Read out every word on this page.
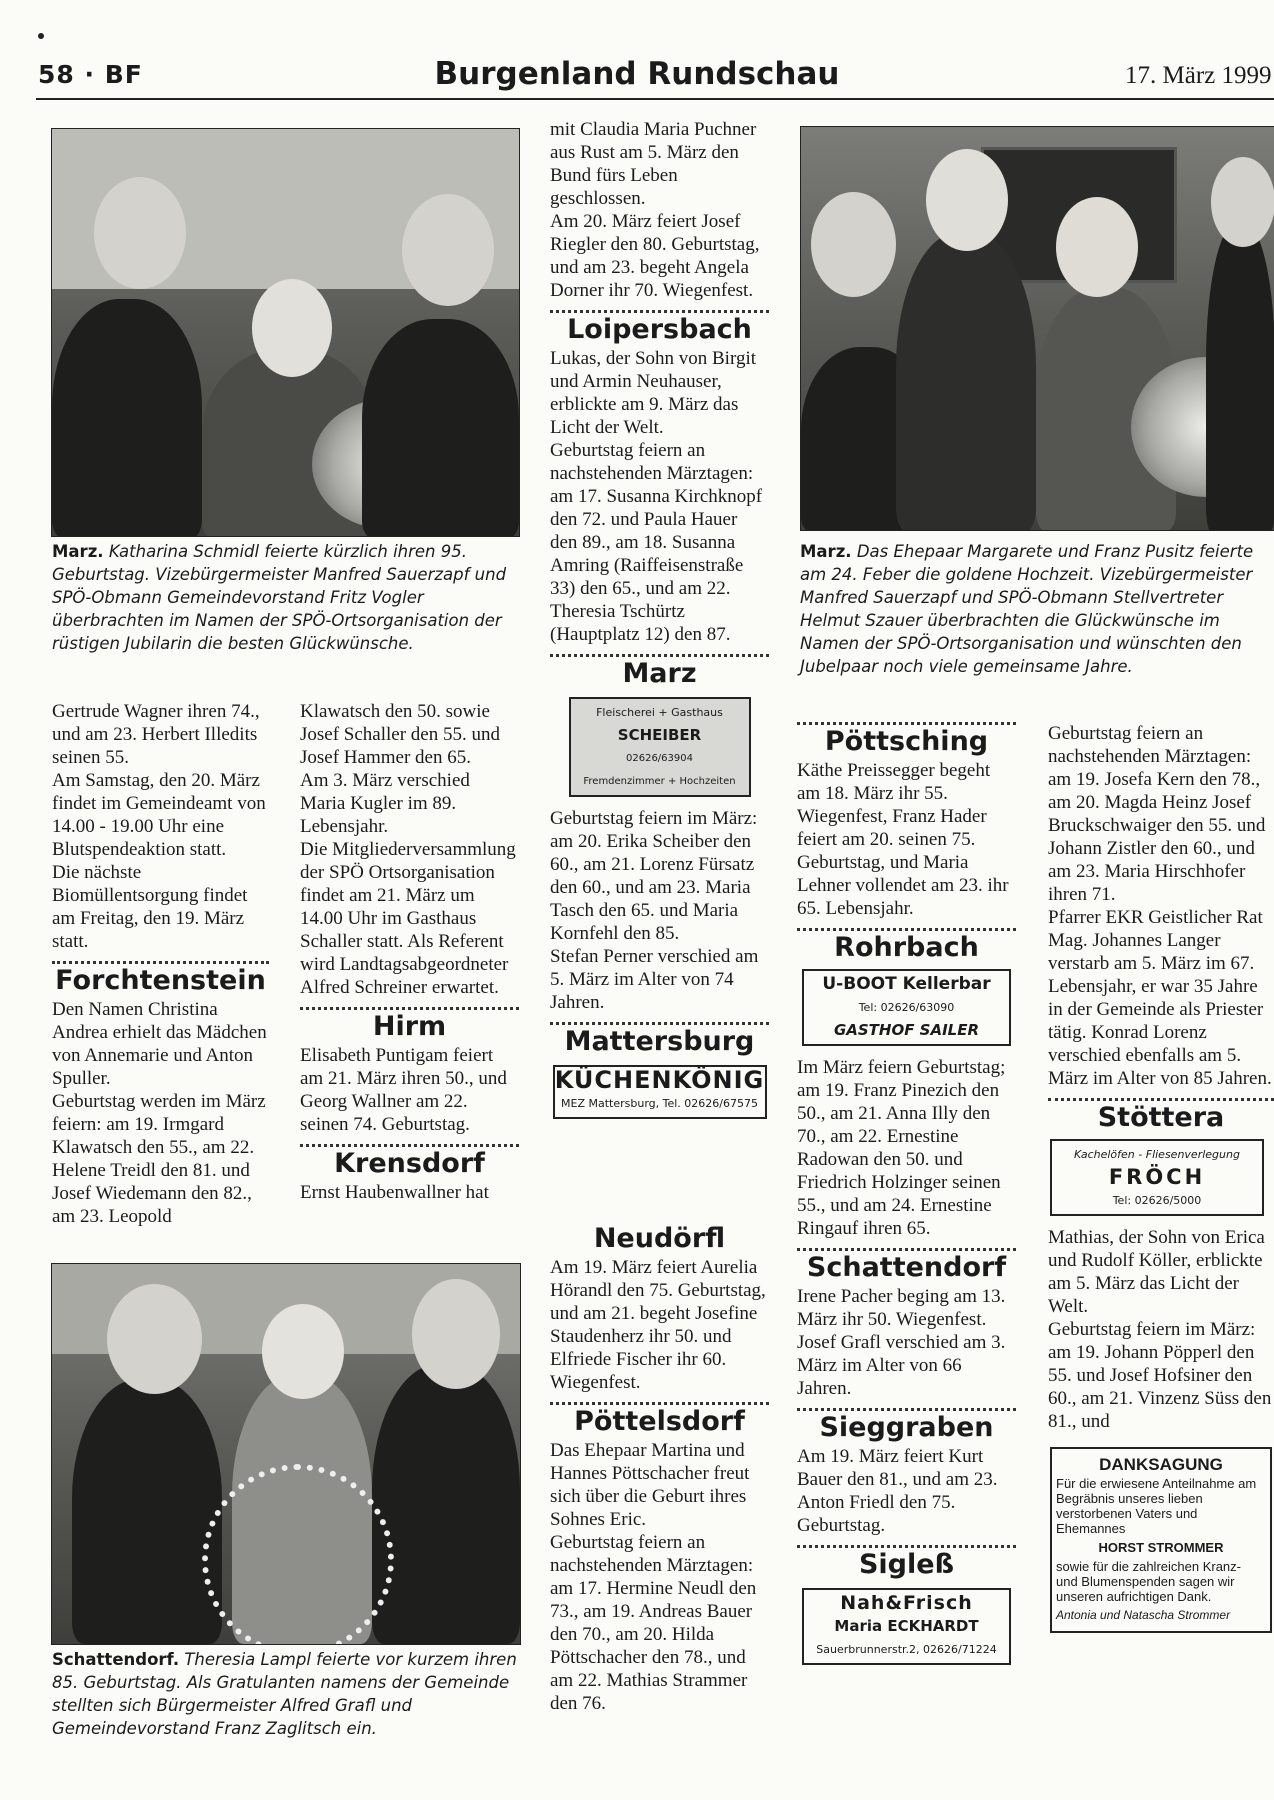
58 · BF	Burgenland Rundschau	17. März 1999
Marz. Katharina Schmidl feierte kürzlich ihren 95. Geburtstag. Vizebürgermeister Manfred Sauerzapf und SPÖ-Obmann Gemeindevorstand Fritz Vogler überbrachten im Namen der SPÖ-Ortsorganisation der rüstigen Jubilarin die besten Glückwünsche.
Marz. Das Ehepaar Margarete und Franz Pusitz feierte am 24. Feber die goldene Hochzeit. Vizebürgermeister Manfred Sauerzapf und SPÖ-Obmann Stellvertreter Helmut Szauer überbrachten die Glückwünsche im Namen der SPÖ-Ortsorganisation und wünschten den Jubelpaar noch viele gemeinsame Jahre.
Schattendorf. Theresia Lampl feierte vor kurzem ihren 85. Geburtstag. Als Gratulanten namens der Gemeinde stellten sich Bürgermeister Alfred Grafl und Gemeindevorstand Franz Zaglitsch ein.

Gertrude Wagner ihren 74., und am 23. Herbert Illedits seinen 55.

Am Samstag, den 20. März findet im Gemeindeamt von 14.00 - 19.00 Uhr eine Blutspendeaktion statt.

Die nächste Biomüllentsorgung findet am Freitag, den 19. März statt.

Forchtenstein

Den Namen Christina Andrea erhielt das Mädchen von Annemarie und Anton Spuller.

Geburtstag werden im März feiern: am 19. Irmgard Klawatsch den 55., am 22. Helene Treidl den 81. und Josef Wiedemann den 82., am 23. Leopold

Klawatsch den 50. sowie Josef Schaller den 55. und Josef Hammer den 65.

Am 3. März verschied Maria Kugler im 89. Lebensjahr.

Die Mitgliederversammlung der SPÖ Ortsorganisation findet am 21. März um 14.00 Uhr im Gasthaus Schaller statt. Als Referent wird Landtagsabgeordneter Alfred Schreiner erwartet.

Hirm

Elisabeth Puntigam feiert am 21. März ihren 50., und Georg Wallner am 22. seinen 74. Geburtstag.

Krensdorf

Ernst Haubenwallner hat

mit Claudia Maria Puchner aus Rust am 5. März den Bund fürs Leben geschlossen.

Am 20. März feiert Josef Riegler den 80. Geburtstag, und am 23. begeht Angela Dorner ihr 70. Wiegenfest.

Loipersbach

Lukas, der Sohn von Birgit und Armin Neuhauser, erblickte am 9. März das Licht der Welt.

Geburtstag feiern an nachstehenden Märztagen: am 17. Susanna Kirchknopf den 72. und Paula Hauer den 89., am 18. Susanna Amring (Raiffeisenstraße 33) den 65., und am 22. Theresia Tschürtz (Hauptplatz 12) den 87.

Marz
Fleischerei + Gasthaus
SCHEIBER
02626/63904
Fremdenzimmer + Hochzeiten

Geburtstag feiern im März: am 20. Erika Scheiber den 60., am 21. Lorenz Fürsatz den 60., und am 23. Maria Tasch den 65. und Maria Kornfehl den 85.

Stefan Perner verschied am 5. März im Alter von 74 Jahren.

Mattersburg
KÜCHENKÖNIG
MEZ Mattersburg, Tel. 02626/67575
Neudörfl

Am 19. März feiert Aurelia Hörandl den 75. Geburtstag, und am 21. begeht Josefine Staudenherz ihr 50. und Elfriede Fischer ihr 60. Wiegenfest.

Pöttelsdorf

Das Ehepaar Martina und Hannes Pöttschacher freut sich über die Geburt ihres Sohnes Eric.

Geburtstag feiern an nachstehenden Märztagen: am 17. Hermine Neudl den 73., am 19. Andreas Bauer den 70., am 20. Hilda Pöttschacher den 78., und am 22. Mathias Strammer den 76.

Pöttsching

Käthe Preissegger begeht am 18. März ihr 55. Wiegenfest, Franz Hader feiert am 20. seinen 75. Geburtstag, und Maria Lehner vollendet am 23. ihr 65. Lebensjahr.

Rohrbach
U-BOOT Kellerbar
Tel: 02626/63090
GASTHOF SAILER

Im März feiern Geburtstag; am 19. Franz Pinezich den 50., am 21. Anna Illy den 70., am 22. Ernestine Radowan den 50. und Friedrich Holzinger seinen 55., und am 24. Ernestine Ringauf ihren 65.

Schattendorf

Irene Pacher beging am 13. März ihr 50. Wiegenfest.

Josef Grafl verschied am 3. März im Alter von 66 Jahren.

Sieggraben

Am 19. März feiert Kurt Bauer den 81., und am 23. Anton Friedl den 75. Geburtstag.

Sigleß
Nah&Frisch
Maria ECKHARDT
Sauerbrunnerstr.2, 02626/71224

Geburtstag feiern an nachstehenden Märztagen: am 19. Josefa Kern den 78., am 20. Magda Heinz Josef Bruckschwaiger den 55. und Johann Zistler den 60., und am 23. Maria Hirschhofer ihren 71.

Pfarrer EKR Geistlicher Rat Mag. Johannes Langer verstarb am 5. März im 67. Lebensjahr, er war 35 Jahre in der Gemeinde als Priester tätig. Konrad Lorenz verschied ebenfalls am 5. März im Alter von 85 Jahren.

Stöttera
Kachelöfen - Fliesenverlegung
FRÖCH
Tel: 02626/5000

Mathias, der Sohn von Erica und Rudolf Köller, erblickte am 5. März das Licht der Welt.

Geburtstag feiern im März: am 19. Johann Pöpperl den 55. und Josef Hofsiner den 60., am 21. Vinzenz Süss den 81., und

DANKSAGUNG
Für die erwiesene Anteilnahme am Begräbnis unseres lieben verstorbenen Vaters und Ehemannes
HORST STROMMER
sowie für die zahlreichen Kranz- und Blumenspenden sagen wir unseren aufrichtigen Dank.
Antonia und Natascha Strommer
